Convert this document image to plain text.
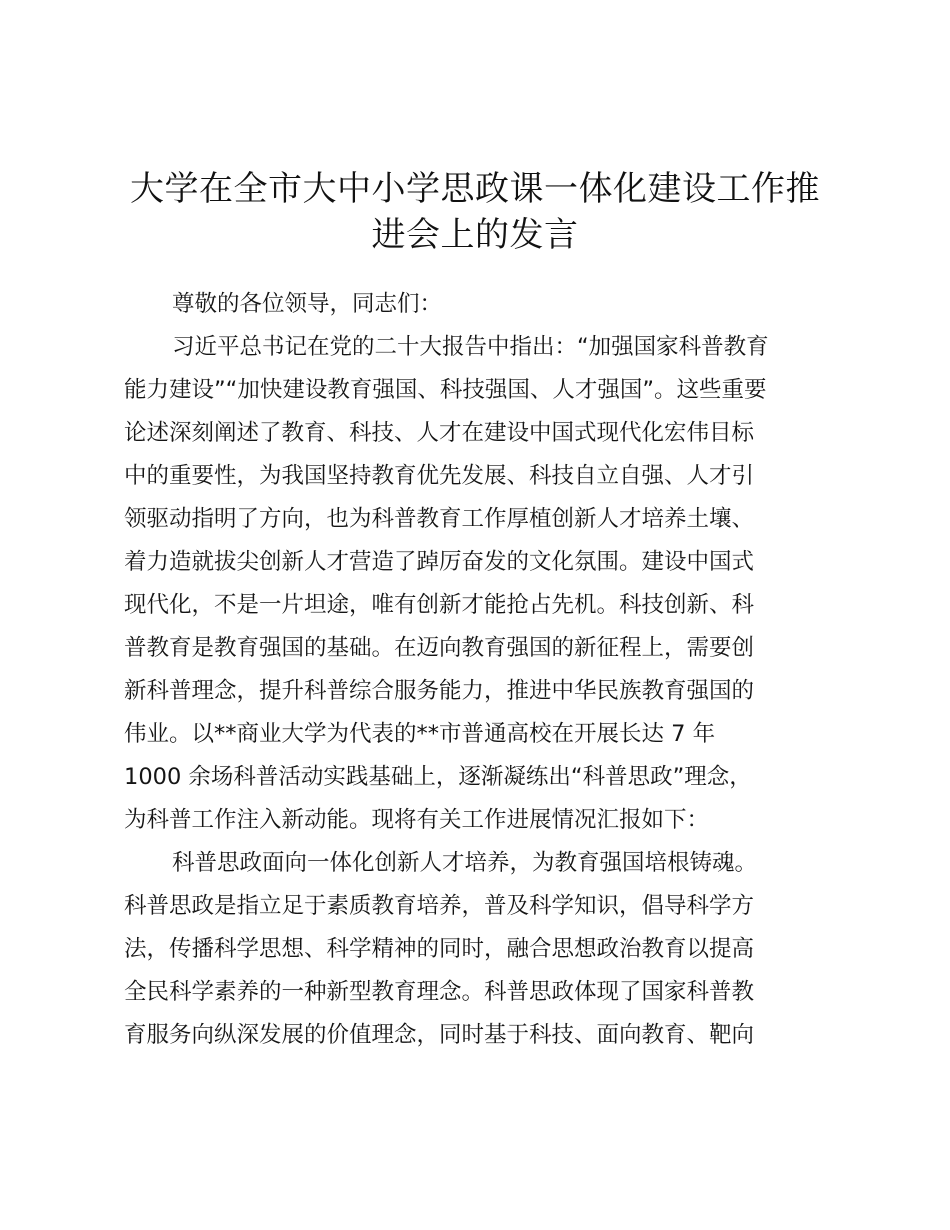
大学在全市大中小学思政课一体化建设工作推
进会上的发言
尊敬的各位领导，同志们：
习近平总书记在党的二十大报告中指出：“加强国家科普教育
能力建设”“加快建设教育强国、科技强国、人才强国”。这些重要
论述深刻阐述了教育、科技、人才在建设中国式现代化宏伟目标
中的重要性，为我国坚持教育优先发展、科技自立自强、人才引
领驱动指明了方向，也为科普教育工作厚植创新人才培养土壤、
着力造就拔尖创新人才营造了踔厉奋发的文化氛围。建设中国式
现代化，不是一片坦途，唯有创新才能抢占先机。科技创新、科
普教育是教育强国的基础。在迈向教育强国的新征程上，需要创
新科普理念，提升科普综合服务能力，推进中华民族教育强国的
伟业。以**商业大学为代表的**市普通高校在开展长达 7 年
1000 余场科普活动实践基础上，逐渐凝练出“科普思政”理念，
为科普工作注入新动能。现将有关工作进展情况汇报如下：
科普思政面向一体化创新人才培养，为教育强国培根铸魂。
科普思政是指立足于素质教育培养，普及科学知识，倡导科学方
法，传播科学思想、科学精神的同时，融合思想政治教育以提高
全民科学素养的一种新型教育理念。科普思政体现了国家科普教
育服务向纵深发展的价值理念，同时基于科技、面向教育、靶向
